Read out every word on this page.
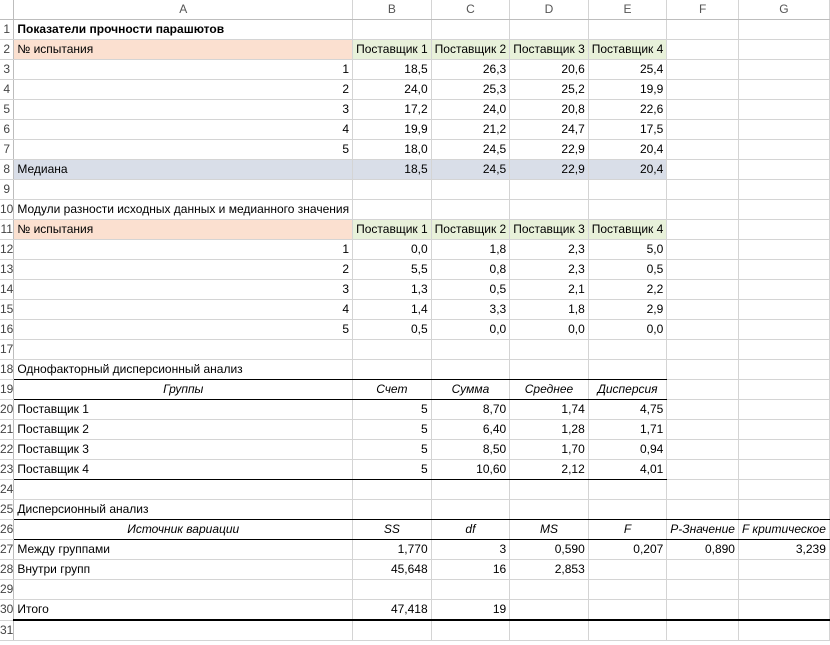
	A	B	C	D	E	F	G
1	Показатели прочности парашютов						
2	№ испытания	Поставщик 1	Поставщик 2	Поставщик 3	Поставщик 4		
3	1	18,5	26,3	20,6	25,4		
4	2	24,0	25,3	25,2	19,9		
5	3	17,2	24,0	20,8	22,6		
6	4	19,9	21,2	24,7	17,5		
7	5	18,0	24,5	22,9	20,4		
8	Медиана	18,5	24,5	22,9	20,4		
9							
10	Модули разности исходных данных и медианного значения						
11	№ испытания	Поставщик 1	Поставщик 2	Поставщик 3	Поставщик 4		
12	1	0,0	1,8	2,3	5,0		
13	2	5,5	0,8	2,3	0,5		
14	3	1,3	0,5	2,1	2,2		
15	4	1,4	3,3	1,8	2,9		
16	5	0,5	0,0	0,0	0,0		
17							
18	Однофакторный дисперсионный анализ						
19	Группы	Счет	Сумма	Среднее	Дисперсия		
20	Поставщик 1	5	8,70	1,74	4,75		
21	Поставщик 2	5	6,40	1,28	1,71		
22	Поставщик 3	5	8,50	1,70	0,94		
23	Поставщик 4	5	10,60	2,12	4,01		
24							
25	Дисперсионный анализ						
26	Источник вариации	SS	df	MS	F	P-Значение	F критическое
27	Между группами	1,770	3	0,590	0,207	0,890	3,239
28	Внутри групп	45,648	16	2,853			
29							
30	Итого	47,418	19				
31							
